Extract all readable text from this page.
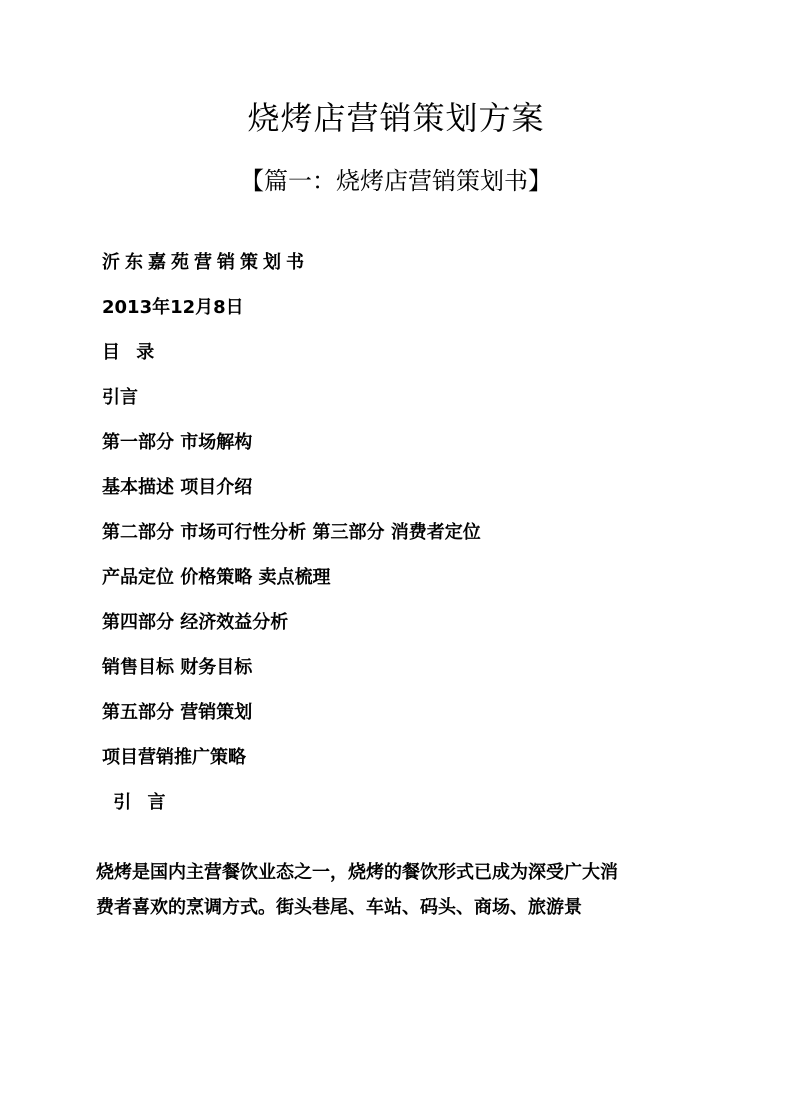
烧烤店营销策划方案
【篇一：烧烤店营销策划书】
沂东嘉苑营销策划书
2013年12月8日
目 录
引言
第一部分 市场解构
基本描述 项目介绍
第二部分 市场可行性分析 第三部分 消费者定位
产品定位 价格策略 卖点梳理
第四部分 经济效益分析
销售目标 财务目标
第五部分 营销策划
项目营销推广策略
引 言
烧烤是国内主营餐饮业态之一，烧烤的餐饮形式已成为深受广大消
费者喜欢的烹调方式。街头巷尾、车站、码头、商场、旅游景
